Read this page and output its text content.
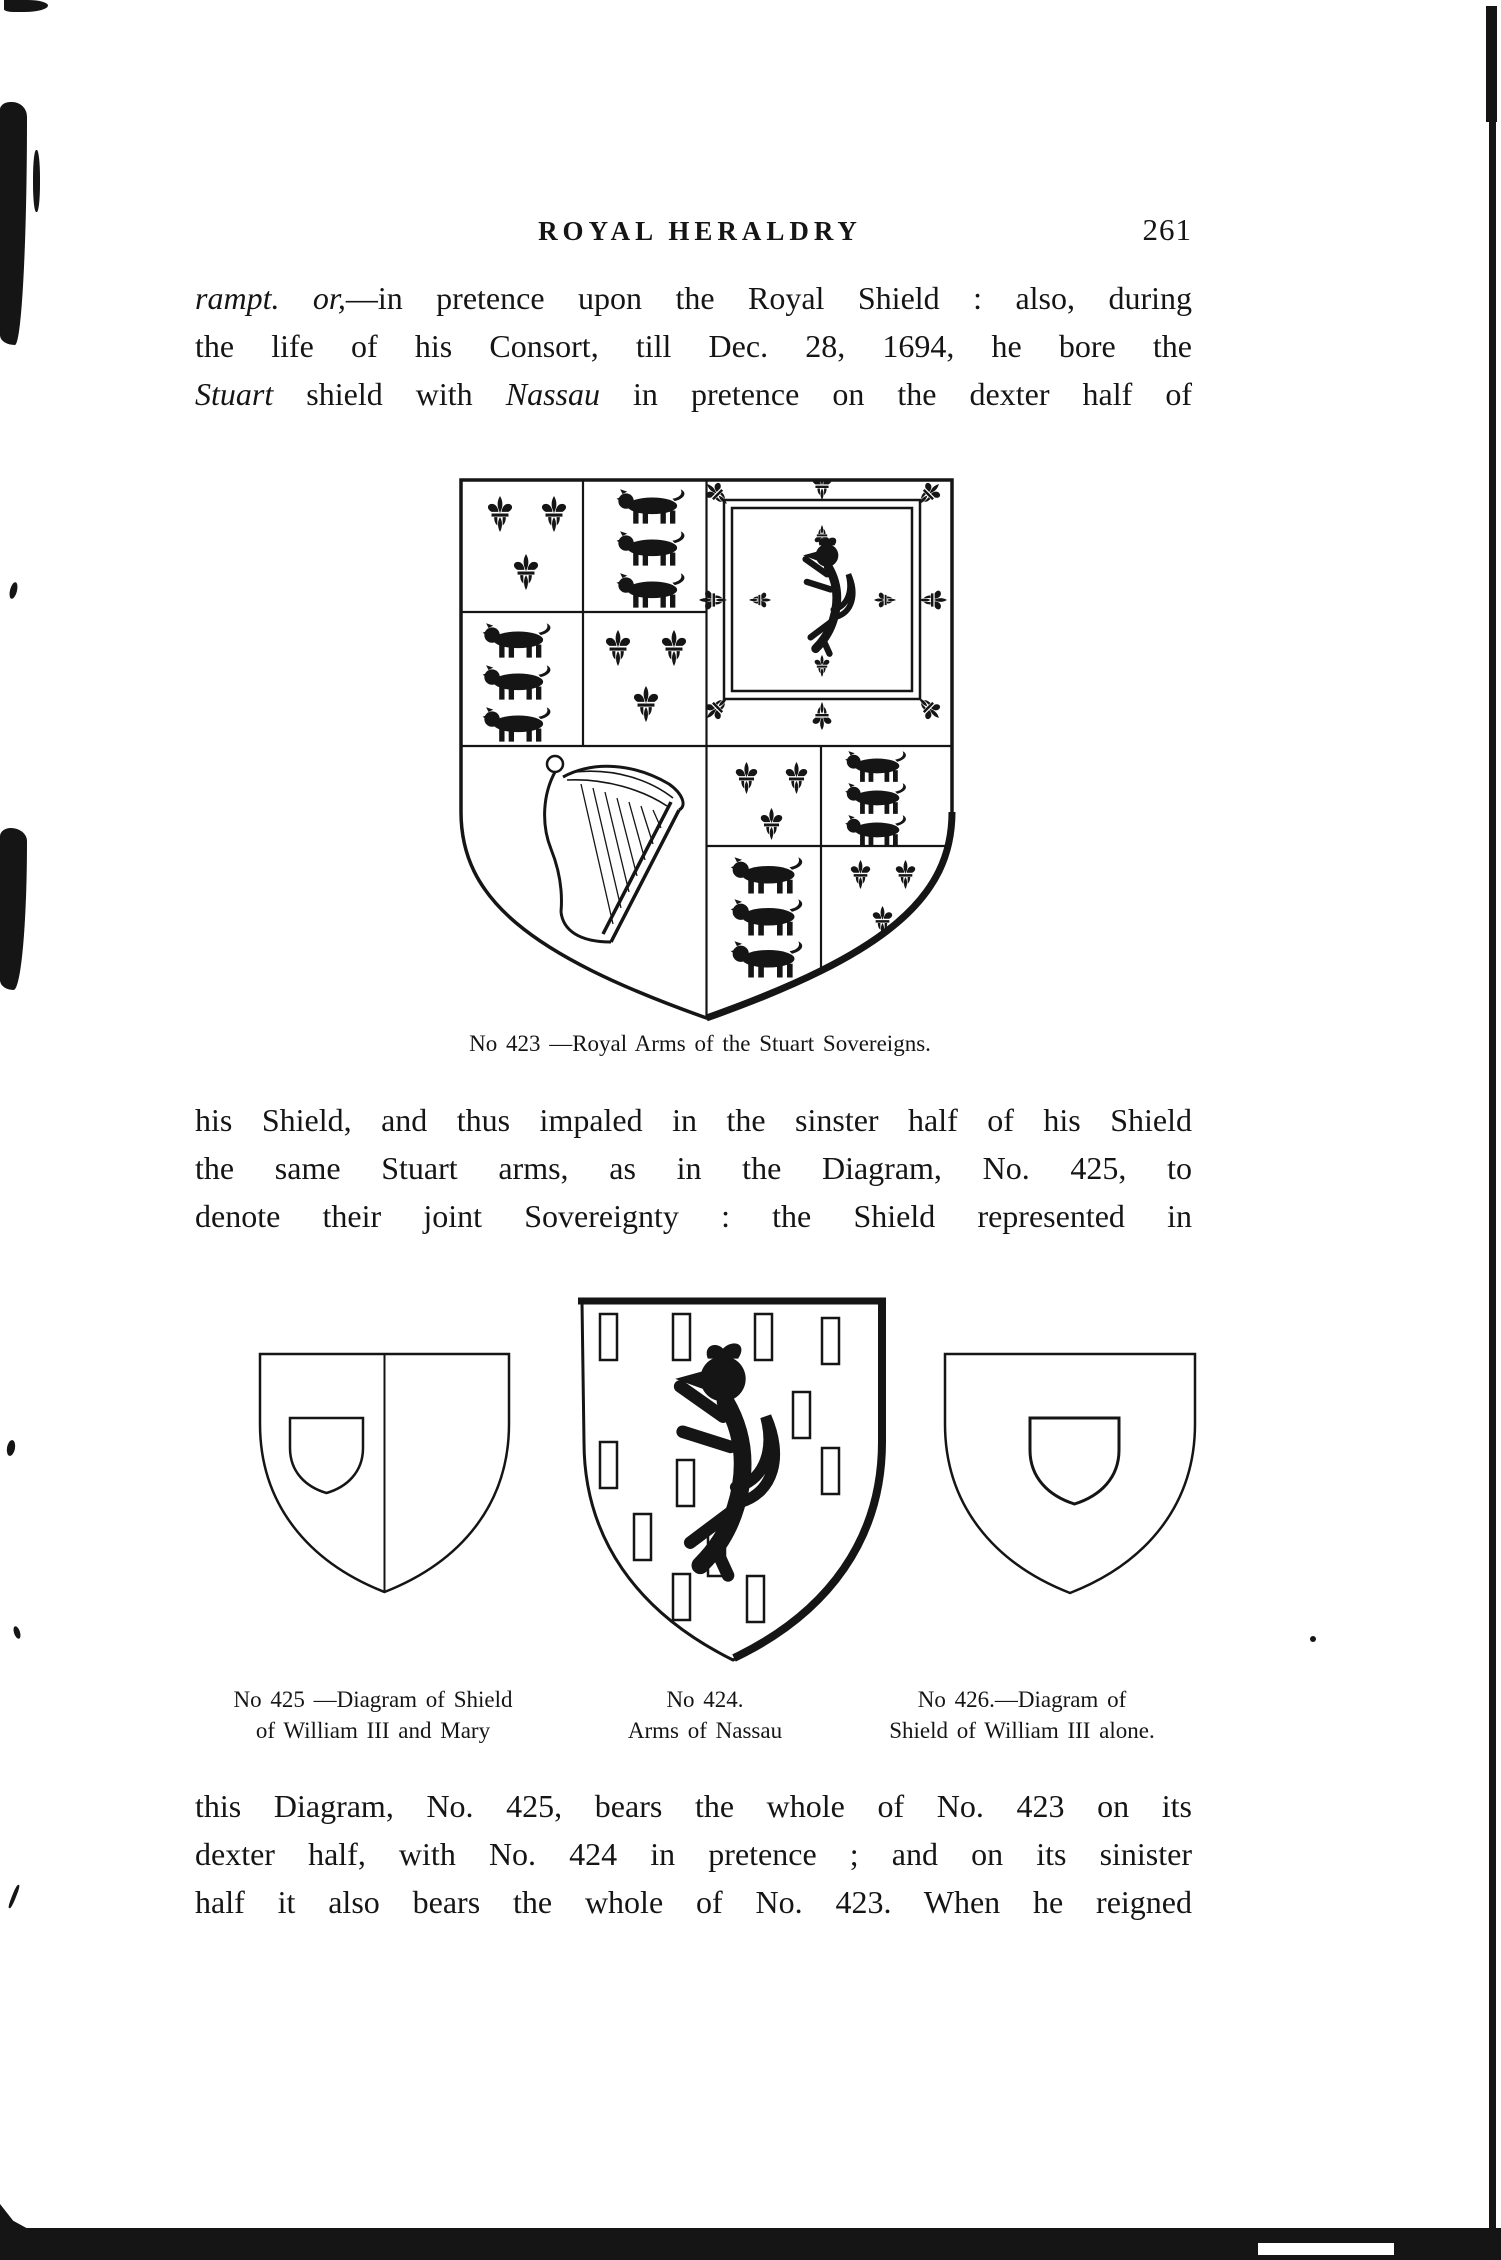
ROYAL HERALDRY	261
rampt. or,—in pretence upon the Royal Shield : also, during
the life of his Consort, till Dec. 28, 1694, he bore the
Stuart shield with Nassau in pretence on the dexter half of
No 423 —Royal Arms of the Stuart Sovereigns.
his Shield, and thus impaled in the sinster half of his Shield
the same Stuart arms, as in the Diagram, No. 425, to
denote their joint Sovereignty : the Shield represented in
No 425 —Diagram of Shield
of William III and Mary
No 424.
Arms of Nassau
No 426.—Diagram of
Shield of William III alone.
this Diagram, No. 425, bears the whole of No. 423 on its
dexter half, with No. 424 in pretence ; and on its sinister
half it also bears the whole of No. 423. When he reigned
